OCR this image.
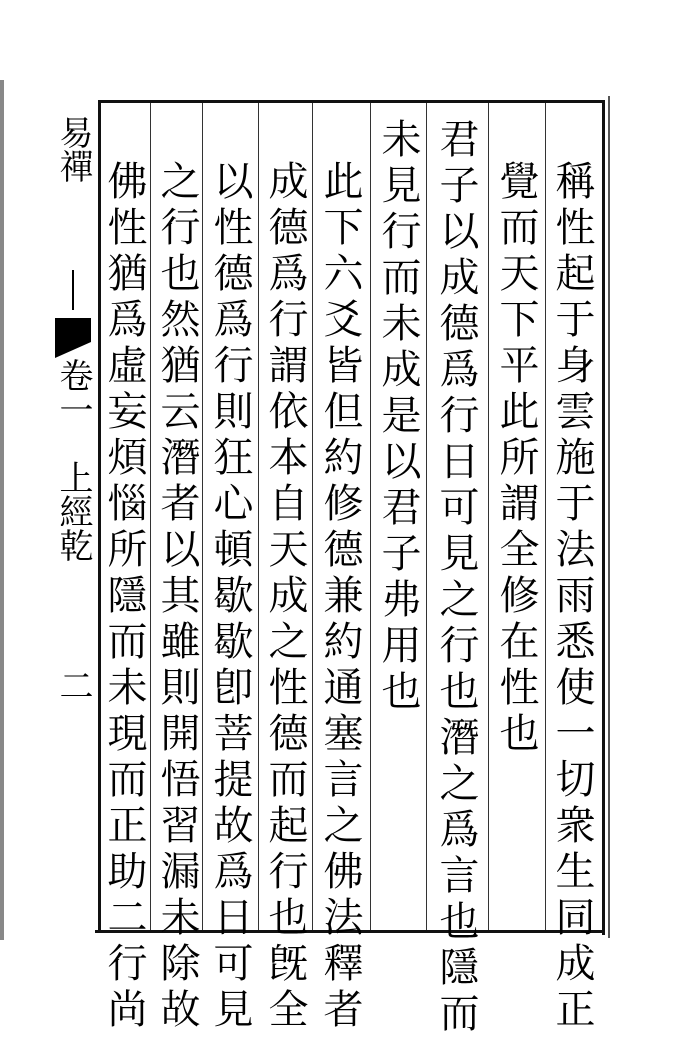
易禪
卷一
上經乾
二	稱性起于身雲施于法雨悉使一切衆生同成正
覺而天下平此所謂全修在性也
君子以成德爲行日可見之行也潛之爲言也隱而
未見行而未成是以君子弗用也
此下六爻皆但約修德兼約通塞言之佛法釋者
成德爲行謂依本自天成之性德而起行也旣全
以性德爲行則狂心頓歇歇卽菩提故爲日可見
之行也然猶云潛者以其雖則開悟習漏未除故
佛性猶爲虛妄煩惱所隱而未現而正助二行尚
